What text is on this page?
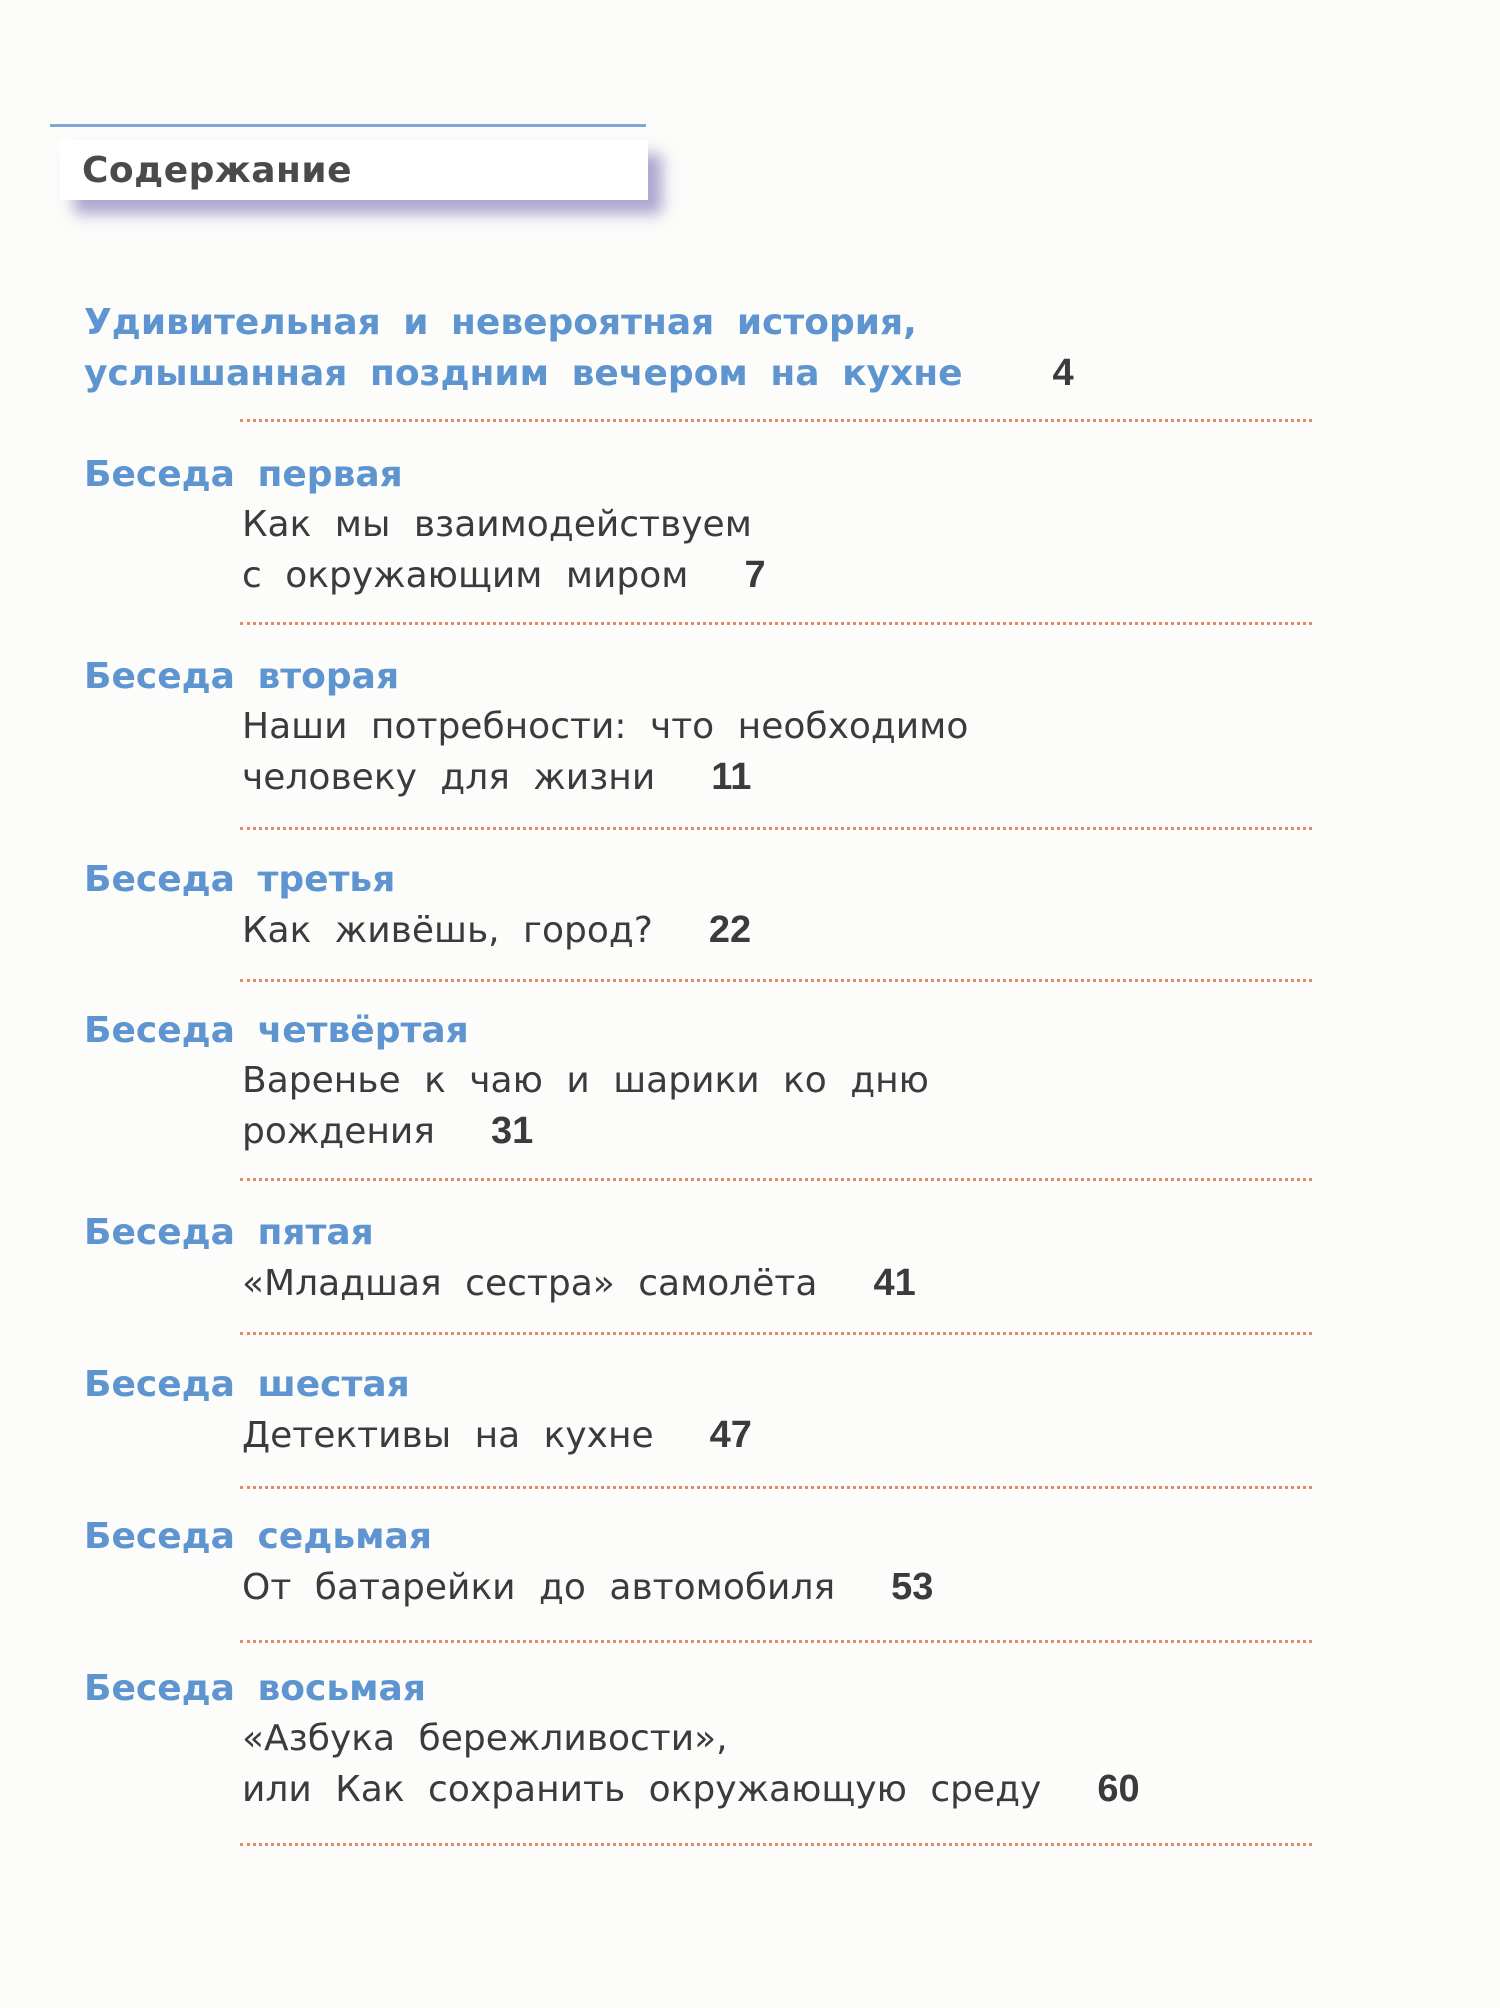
Содержание
Удивительная и невероятная история,
услышанная поздним вечером на кухне 4
Беседа первая
Как мы взаимодействуем
с окружающим миром 7
Беседа вторая
Наши потребности: что необходимо
человеку для жизни 11
Беседа третья
Как живёшь, город? 22
Беседа четвёртая
Варенье к чаю и шарики ко дню
рождения 31
Беседа пятая
«Младшая сестра» самолёта 41
Беседа шестая
Детективы на кухне 47
Беседа седьмая
От батарейки до автомобиля 53
Беседа восьмая
«Азбука бережливости»,
или Как сохранить окружающую среду 60
